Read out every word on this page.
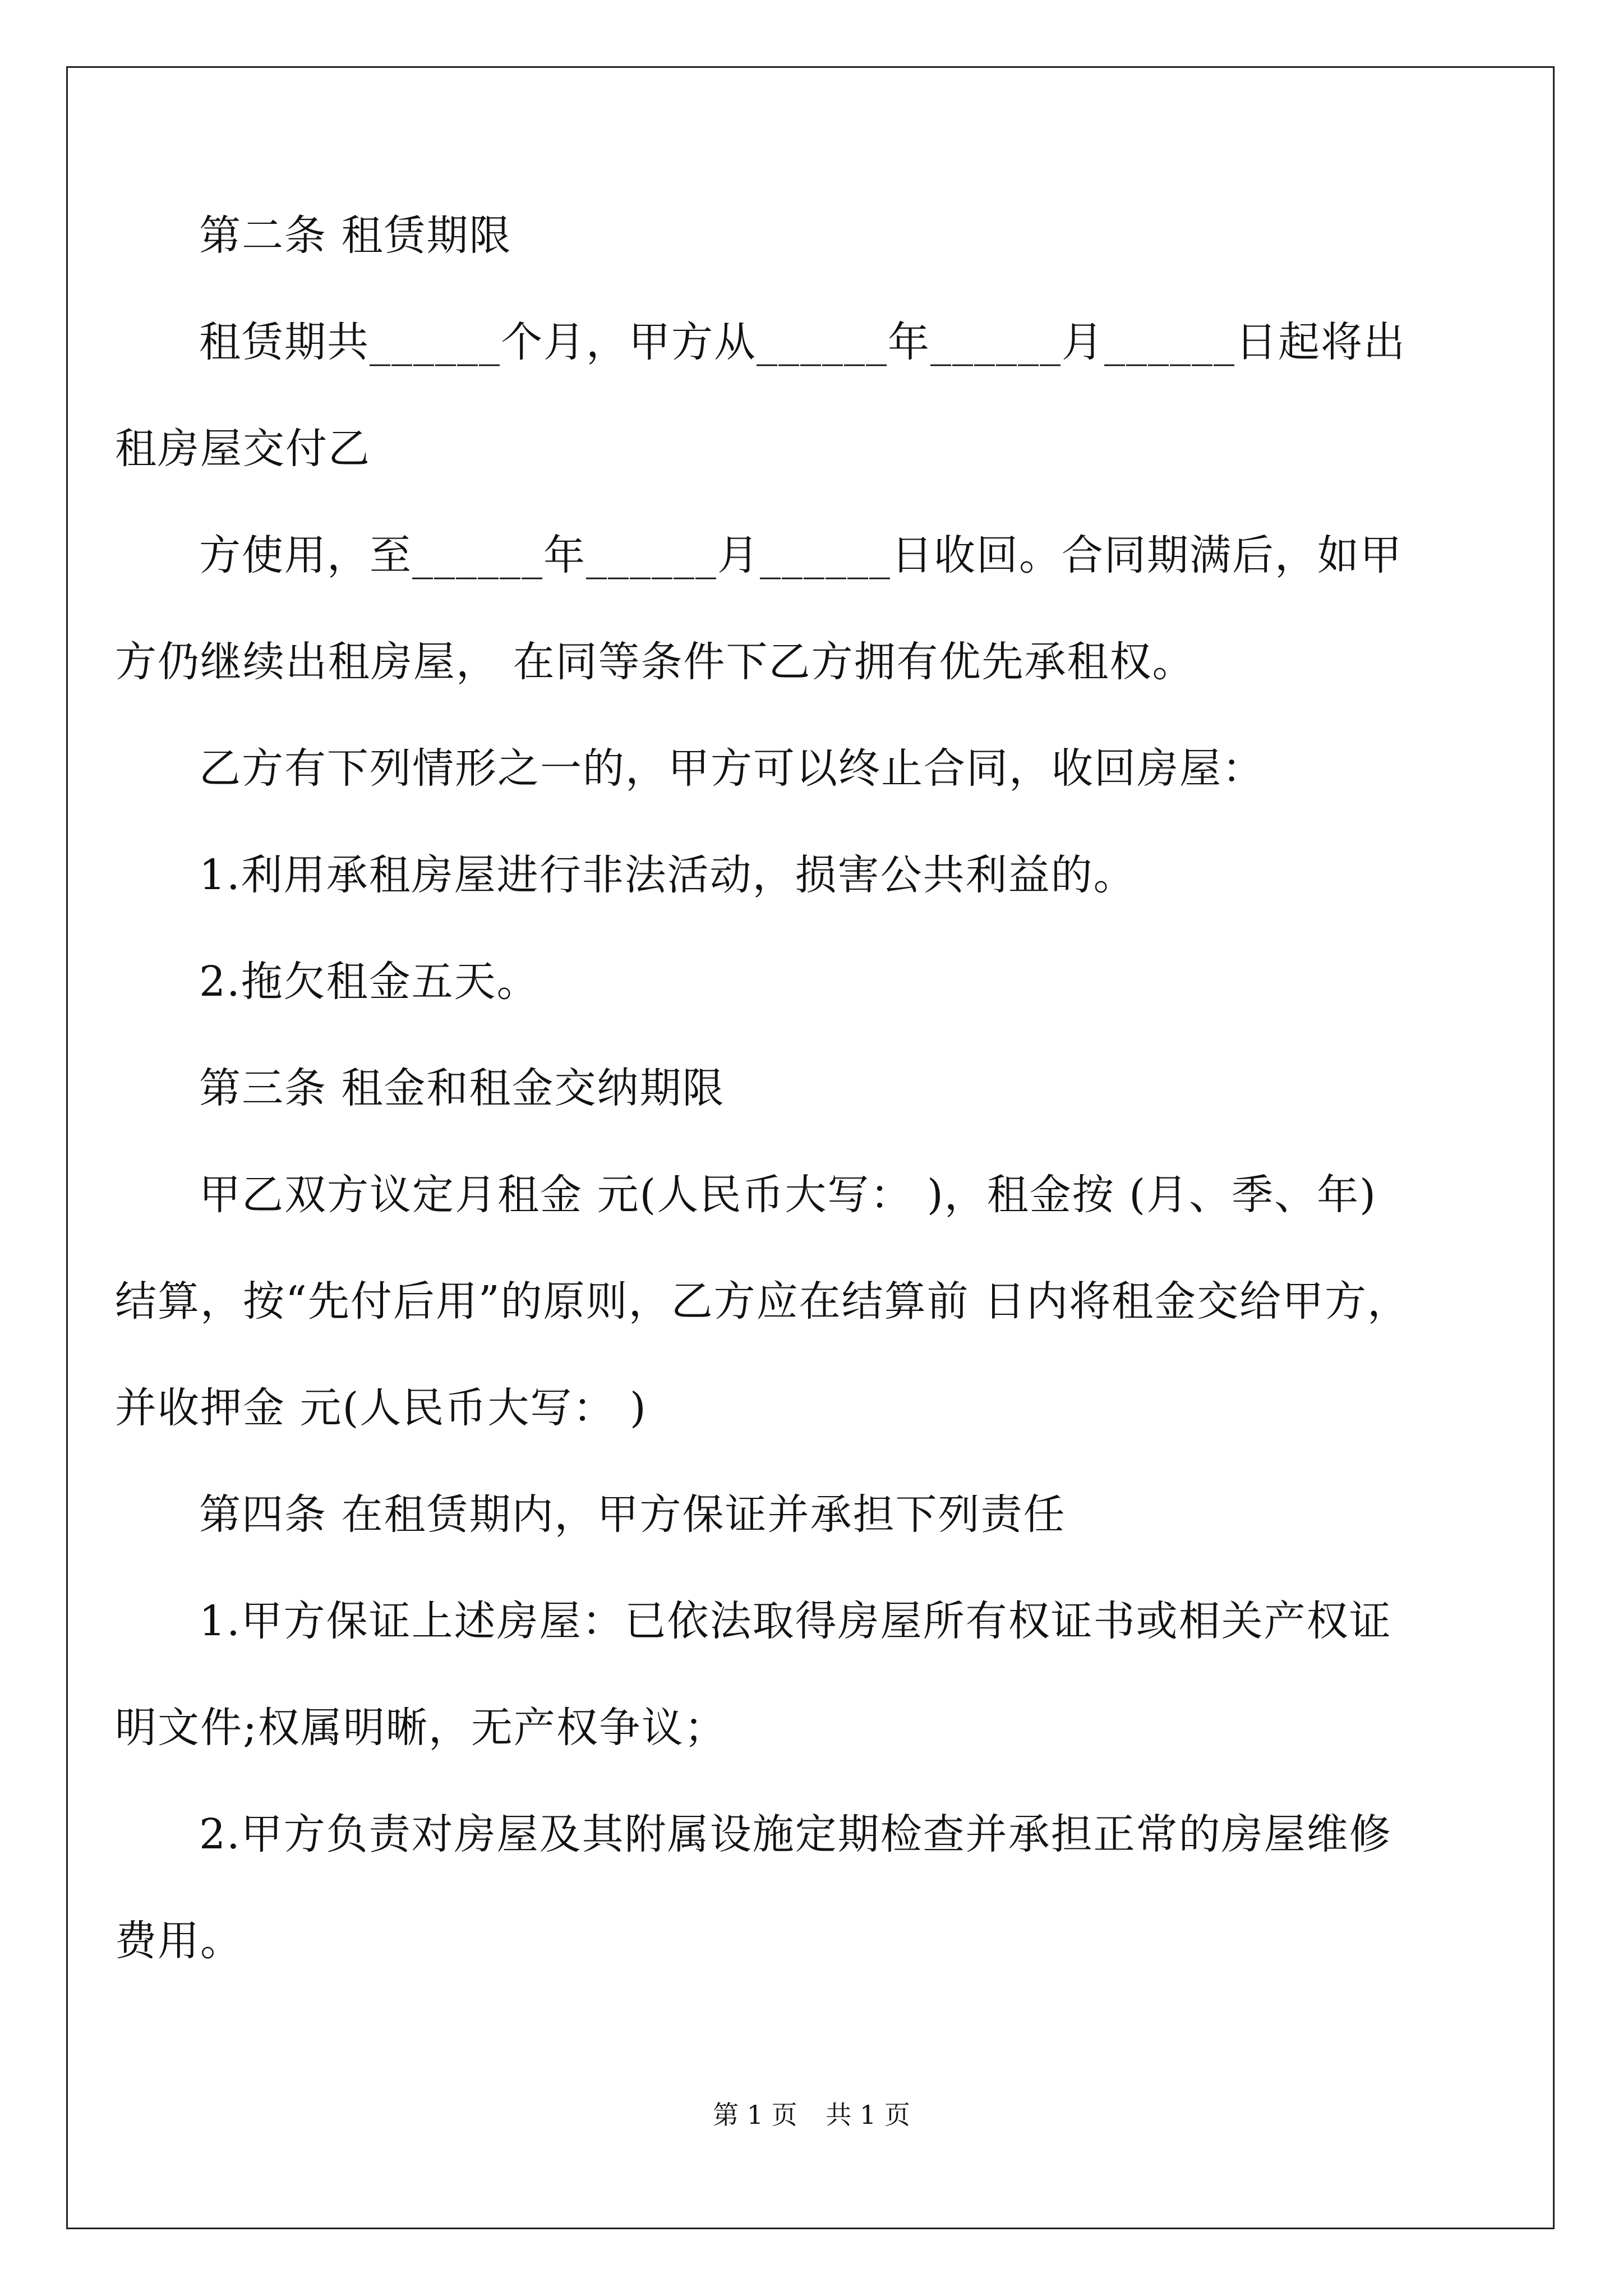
第二条 租赁期限
租赁期共______个月，甲方从______年______月______日起将出
租房屋交付乙
方使用，至______年______月______日收回。合同期满后，如甲
方仍继续出租房屋， 在同等条件下乙方拥有优先承租权。
乙方有下列情形之一的，甲方可以终止合同，收回房屋：
1.利用承租房屋进行非法活动，损害公共利益的。
2.拖欠租金五天。
第三条 租金和租金交纳期限
甲乙双方议定月租金 元(人民币大写： )，租金按 (月、季、年)
结算，按“先付后用”的原则，乙方应在结算前 日内将租金交给甲方，
并收押金 元(人民币大写： )
第四条 在租赁期内，甲方保证并承担下列责任
1.甲方保证上述房屋：已依法取得房屋所有权证书或相关产权证
明文件;权属明晰，无产权争议；
2.甲方负责对房屋及其附属设施定期检查并承担正常的房屋维修
费用。
第 1 页 共 1 页
